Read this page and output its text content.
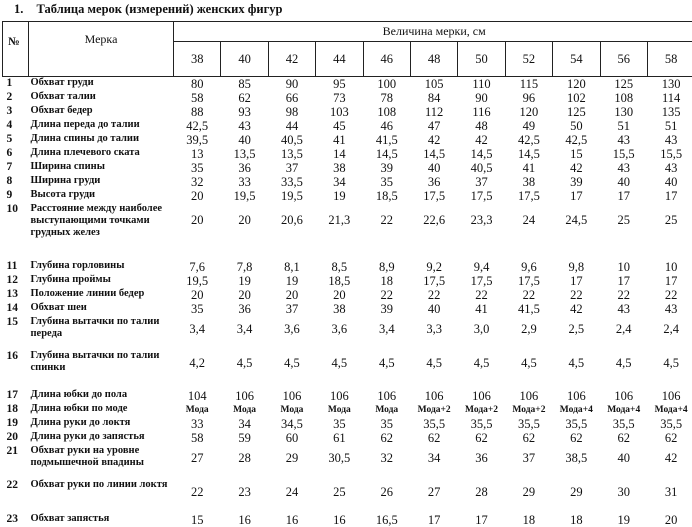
1. Таблица мерок (измерений) женских фигур
№	Мерка	Величина мерки, см										
		38	40	42	44	46	48	50	52	54	56	58
1	Обхват груди	80	85	90	95	100	105	110	115	120	125	130
2	Обхват талии	58	62	66	73	78	84	90	96	102	108	114
3	Обхват бедер	88	93	98	103	108	112	116	120	125	130	135
4	Длина переда до талии	42,5	43	44	45	46	47	48	49	50	51	51
5	Длина спины до талии	39,5	40	40,5	41	41,5	42	42	42,5	42,5	43	43
6	Длина плечевого ската	13	13,5	13,5	14	14,5	14,5	14,5	14,5	15	15,5	15,5
7	Ширина спины	35	36	37	38	39	40	40,5	41	42	43	43
8	Ширина груди	32	33	33,5	34	35	36	37	38	39	40	40
9	Высота груди	20	19,5	19,5	19	18,5	17,5	17,5	17,5	17	17	17
10	Расстояние между наиболее выступающими точками грудных желез	20	20	20,6	21,3	22	22,6	23,3	24	24,5	25	25
11	Глубина горловины	7,6	7,8	8,1	8,5	8,9	9,2	9,4	9,6	9,8	10	10
12	Глубина проймы	19,5	19	19	18,5	18	17,5	17,5	17,5	17	17	17
13	Положение линии бедер	20	20	20	20	22	22	22	22	22	22	22
14	Обхват шеи	35	36	37	38	39	40	41	41,5	42	43	43
15	Глубина вытачки по талии переда	3,4	3,4	3,6	3,6	3,4	3,3	3,0	2,9	2,5	2,4	2,4
16	Глубина вытачки по талии спинки	4,2	4,5	4,5	4,5	4,5	4,5	4,5	4,5	4,5	4,5	4,5
17	Длина юбки до пола	104	106	106	106	106	106	106	106	106	106	106
18	Длина юбки по моде	Мода	Мода	Мода	Мода	Мода	Мода+2	Мода+2	Мода+2	Мода+4	Мода+4	Мода+4
19	Длина руки до локтя	33	34	34,5	35	35	35,5	35,5	35,5	35,5	35,5	35,5
20	Длина руки до запястья	58	59	60	61	62	62	62	62	62	62	62
21	Обхват руки на уровне подмышечной впадины	27	28	29	30,5	32	34	36	37	38,5	40	42
22	Обхват руки по линии локтя	22	23	24	25	26	27	28	29	29	30	31
23	Обхват запястья	15	16	16	16	16,5	17	17	18	18	19	20
